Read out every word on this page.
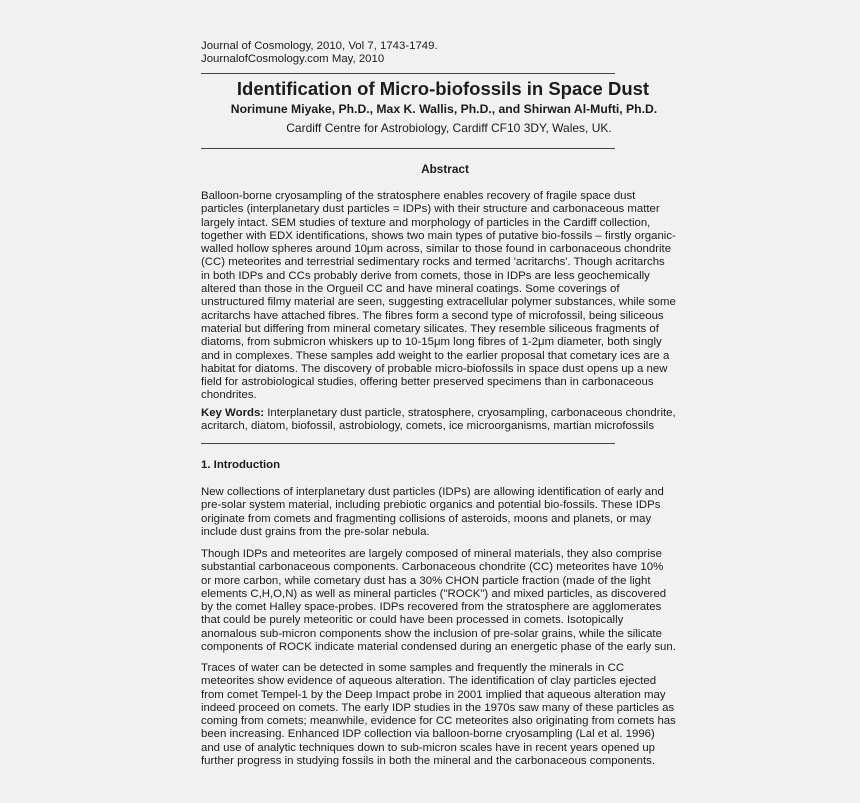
Journal of Cosmology, 2010, Vol 7, 1743-1749.
JournalofCosmology.com May, 2010
Identification of Micro-biofossils in Space Dust
Norimune Miyake, Ph.D., Max K. Wallis, Ph.D., and Shirwan Al-Mufti, Ph.D.
Cardiff Centre for Astrobiology, Cardiff CF10 3DY, Wales, UK.
Abstract
Balloon-borne cryosampling of the stratosphere enables recovery of fragile space dust
particles (interplanetary dust particles = IDPs) with their structure and carbonaceous matter
largely intact. SEM studies of texture and morphology of particles in the Cardiff collection,
together with EDX identifications, shows two main types of putative bio-fossils – firstly organic-
walled hollow spheres around 10μm across, similar to those found in carbonaceous chondrite
(CC) meteorites and terrestrial sedimentary rocks and termed 'acritarchs'. Though acritarchs
in both IDPs and CCs probably derive from comets, those in IDPs are less geochemically
altered than those in the Orgueil CC and have mineral coatings. Some coverings of
unstructured filmy material are seen, suggesting extracellular polymer substances, while some
acritarchs have attached fibres. The fibres form a second type of microfossil, being siliceous
material but differing from mineral cometary silicates. They resemble siliceous fragments of
diatoms, from submicron whiskers up to 10-15μm long fibres of 1-2μm diameter, both singly
and in complexes. These samples add weight to the earlier proposal that cometary ices are a
habitat for diatoms. The discovery of probable micro-biofossils in space dust opens up a new
field for astrobiological studies, offering better preserved specimens than in carbonaceous
chondrites.
Key Words: Interplanetary dust particle, stratosphere, cryosampling, carbonaceous chondrite,
acritarch, diatom, biofossil, astrobiology, comets, ice microorganisms, martian microfossils
1. Introduction
New collections of interplanetary dust particles (IDPs) are allowing identification of early and
pre-solar system material, including prebiotic organics and potential bio-fossils. These IDPs
originate from comets and fragmenting collisions of asteroids, moons and planets, or may
include dust grains from the pre-solar nebula.
Though IDPs and meteorites are largely composed of mineral materials, they also comprise
substantial carbonaceous components. Carbonaceous chondrite (CC) meteorites have 10%
or more carbon, while cometary dust has a 30% CHON particle fraction (made of the light
elements C,H,O,N) as well as mineral particles ("ROCK") and mixed particles, as discovered
by the comet Halley space-probes. IDPs recovered from the stratosphere are agglomerates
that could be purely meteoritic or could have been processed in comets. Isotopically
anomalous sub-micron components show the inclusion of pre-solar grains, while the silicate
components of ROCK indicate material condensed during an energetic phase of the early sun.
Traces of water can be detected in some samples and frequently the minerals in CC
meteorites show evidence of aqueous alteration. The identification of clay particles ejected
from comet Tempel-1 by the Deep Impact probe in 2001 implied that aqueous alteration may
indeed proceed on comets. The early IDP studies in the 1970s saw many of these particles as
coming from comets; meanwhile, evidence for CC meteorites also originating from comets has
been increasing. Enhanced IDP collection via balloon-borne cryosampling (Lal et al. 1996)
and use of analytic techniques down to sub-micron scales have in recent years opened up
further progress in studying fossils in both the mineral and the carbonaceous components.
